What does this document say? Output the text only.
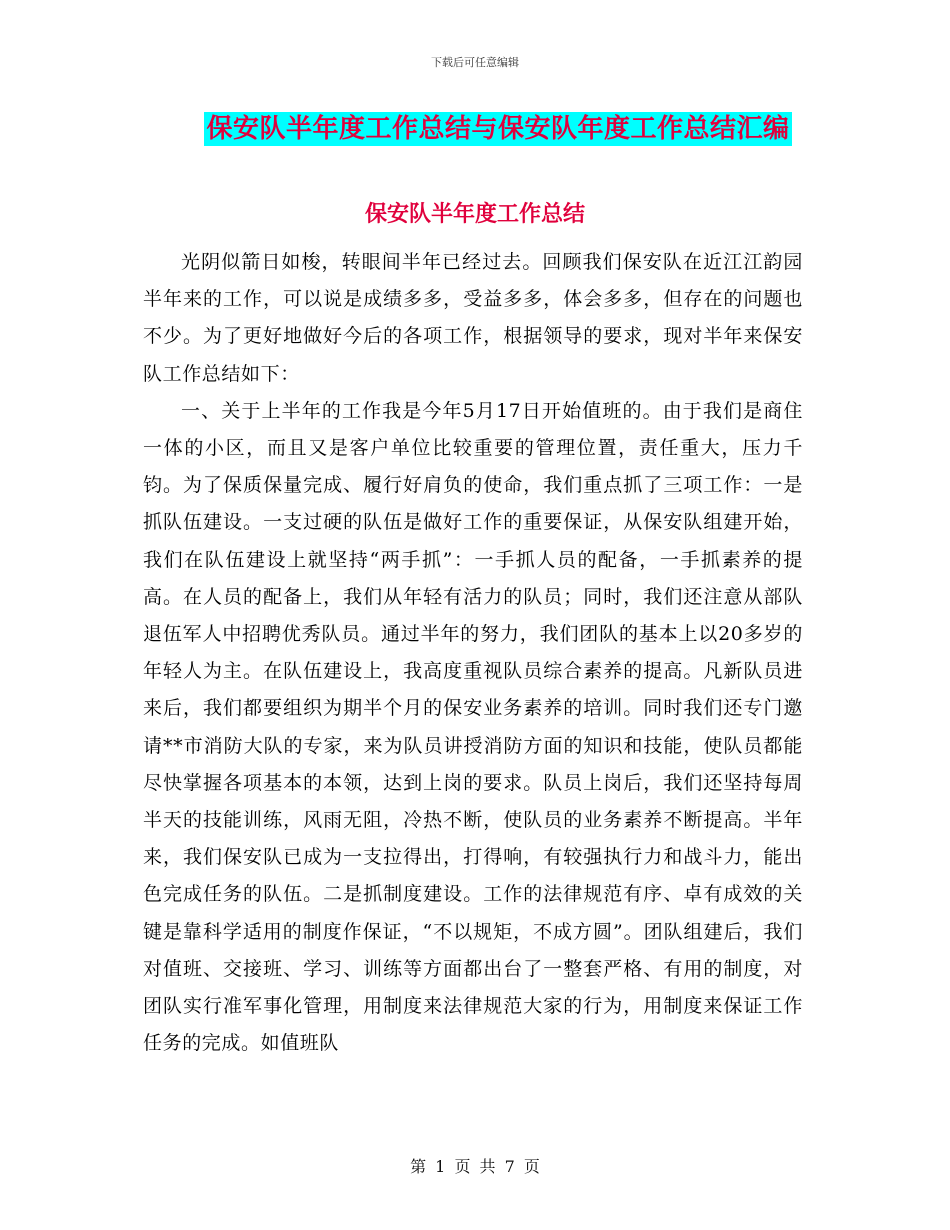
下载后可任意编辑
保安队半年度工作总结与保安队年度工作总结汇编
保安队半年度工作总结

光阴似箭日如梭，转眼间半年已经过去。回顾我们保安队在近江江韵园半年来的工作，可以说是成绩多多，受益多多，体会多多，但存在的问题也不少。为了更好地做好今后的各项工作，根据领导的要求，现对半年来保安队工作总结如下：

一、关于上半年的工作我是今年5月17日开始值班的。由于我们是商住一体的小区，而且又是客户单位比较重要的管理位置，责任重大，压力千钧。为了保质保量完成、履行好肩负的使命，我们重点抓了三项工作：一是抓队伍建设。一支过硬的队伍是做好工作的重要保证，从保安队组建开始，我们在队伍建设上就坚持“两手抓”：一手抓人员的配备，一手抓素养的提高。在人员的配备上，我们从年轻有活力的队员；同时，我们还注意从部队退伍军人中招聘优秀队员。通过半年的努力，我们团队的基本上以20多岁的年轻人为主。在队伍建设上，我高度重视队员综合素养的提高。凡新队员进来后，我们都要组织为期半个月的保安业务素养的培训。同时我们还专门邀请**市消防大队的专家，来为队员讲授消防方面的知识和技能，使队员都能尽快掌握各项基本的本领，达到上岗的要求。队员上岗后，我们还坚持每周半天的技能训练，风雨无阻，冷热不断，使队员的业务素养不断提高。半年来，我们保安队已成为一支拉得出，打得响，有较强执行力和战斗力，能出色完成任务的队伍。二是抓制度建设。工作的法律规范有序、卓有成效的关键是靠科学适用的制度作保证，“不以规矩，不成方圆”。团队组建后，我们对值班、交接班、学习、训练等方面都出台了一整套严格、有用的制度，对团队实行准军事化管理，用制度来法律规范大家的行为，用制度来保证工作任务的完成。如值班队

第 1 页 共 7 页
